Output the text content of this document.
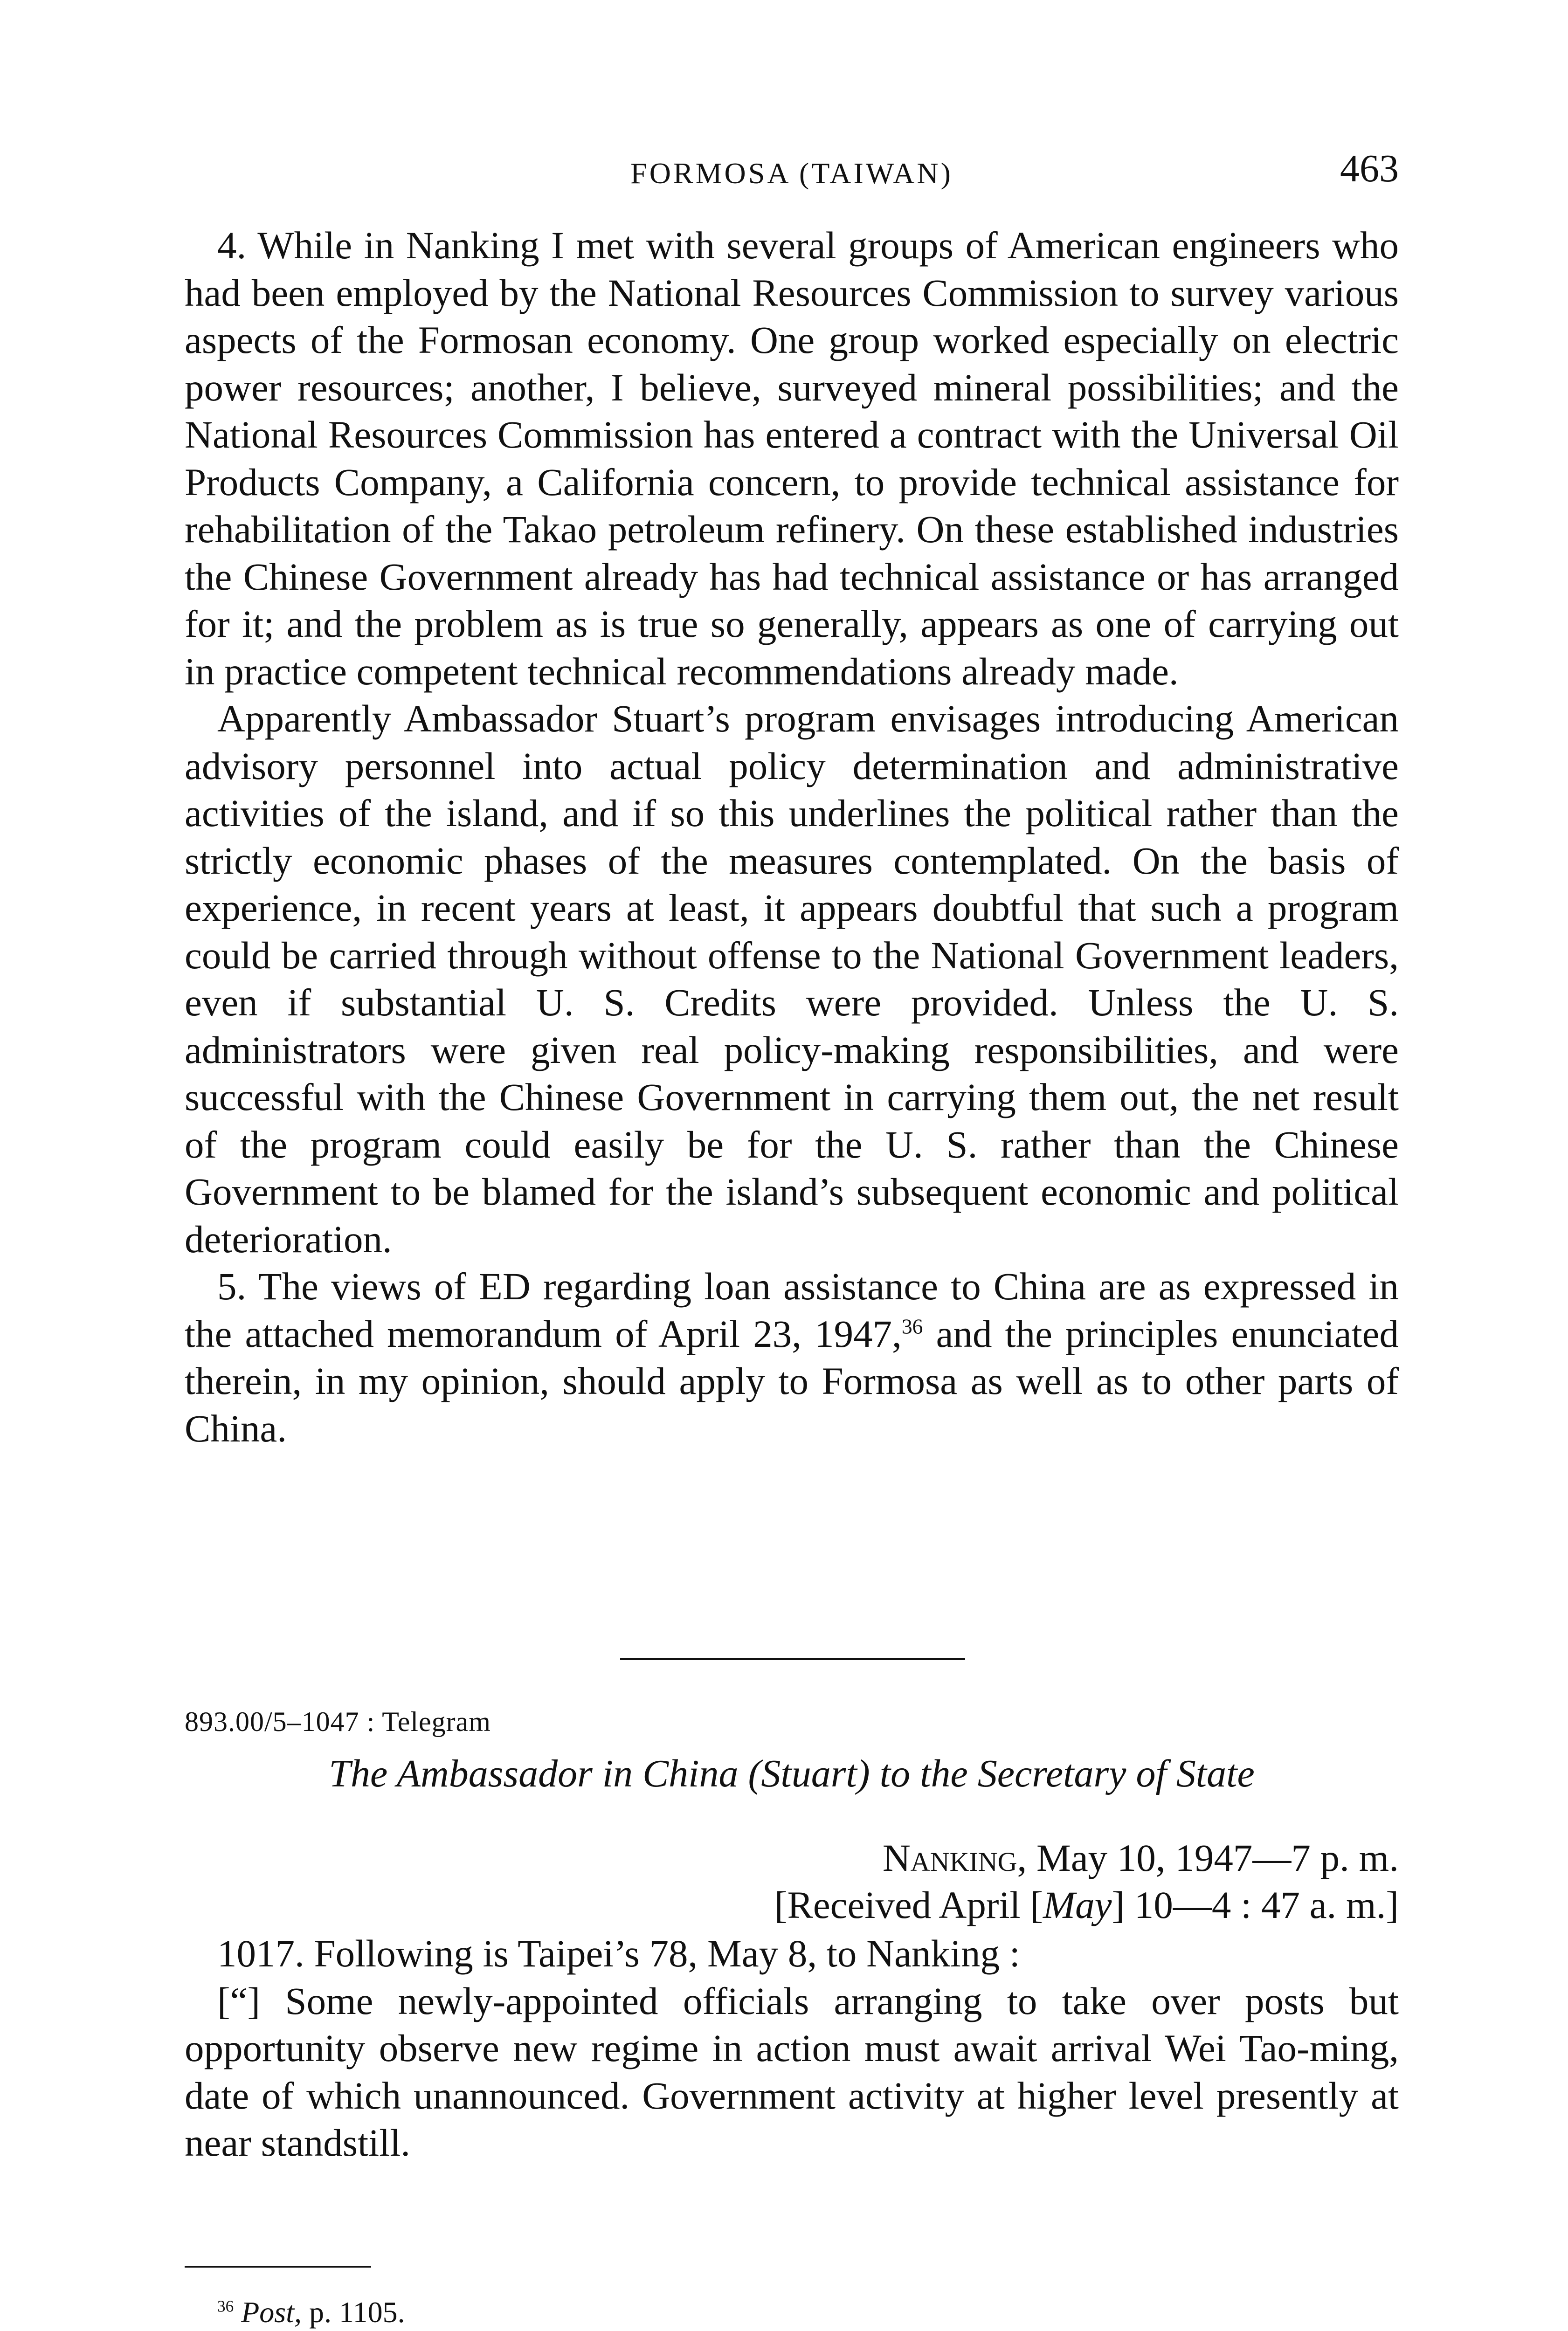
FORMOSA (TAIWAN)	463

4. While in Nanking I met with several groups of American engineers who had been employed by the National Resources Commission to survey various aspects of the Formosan economy. One group worked especially on electric power resources; another, I believe, surveyed mineral possibilities; and the National Resources Commission has entered a contract with the Universal Oil Products Company, a California concern, to provide technical assistance for rehabilitation of the Takao petroleum refinery. On these established industries the Chinese Government already has had technical assistance or has arranged for it; and the problem as is true so generally, appears as one of carrying out in practice competent technical recommendations already made.

Apparently Ambassador Stuart’s program envisages introducing American advisory personnel into actual policy determination and administrative activities of the island, and if so this underlines the political rather than the strictly economic phases of the measures contemplated. On the basis of experience, in recent years at least, it appears doubtful that such a program could be carried through without offense to the National Government leaders, even if substantial U. S. Credits were provided. Unless the U. S. administrators were given real policy-making responsibilities, and were successful with the Chinese Government in carrying them out, the net result of the program could easily be for the U. S. rather than the Chinese Government to be blamed for the island’s subsequent economic and political deterioration.

5. The views of ED regarding loan assistance to China are as expressed in the attached memorandum of April 23, 1947,36 and the principles enunciated therein, in my opinion, should apply to Formosa as well as to other parts of China.

893.00/5–1047 : Telegram
The Ambassador in China (Stuart) to the Secretary of State
Nanking, May 10, 1947—7 p. m.
[Received April [May] 10—4 : 47 a. m.]

1017. Following is Taipei’s 78, May 8, to Nanking :

[“] Some newly-appointed officials arranging to take over posts but opportunity observe new regime in action must await arrival Wei Tao-ming, date of which unannounced. Government activity at higher level presently at near standstill.

$^{36}$ Post, p. 1105.
